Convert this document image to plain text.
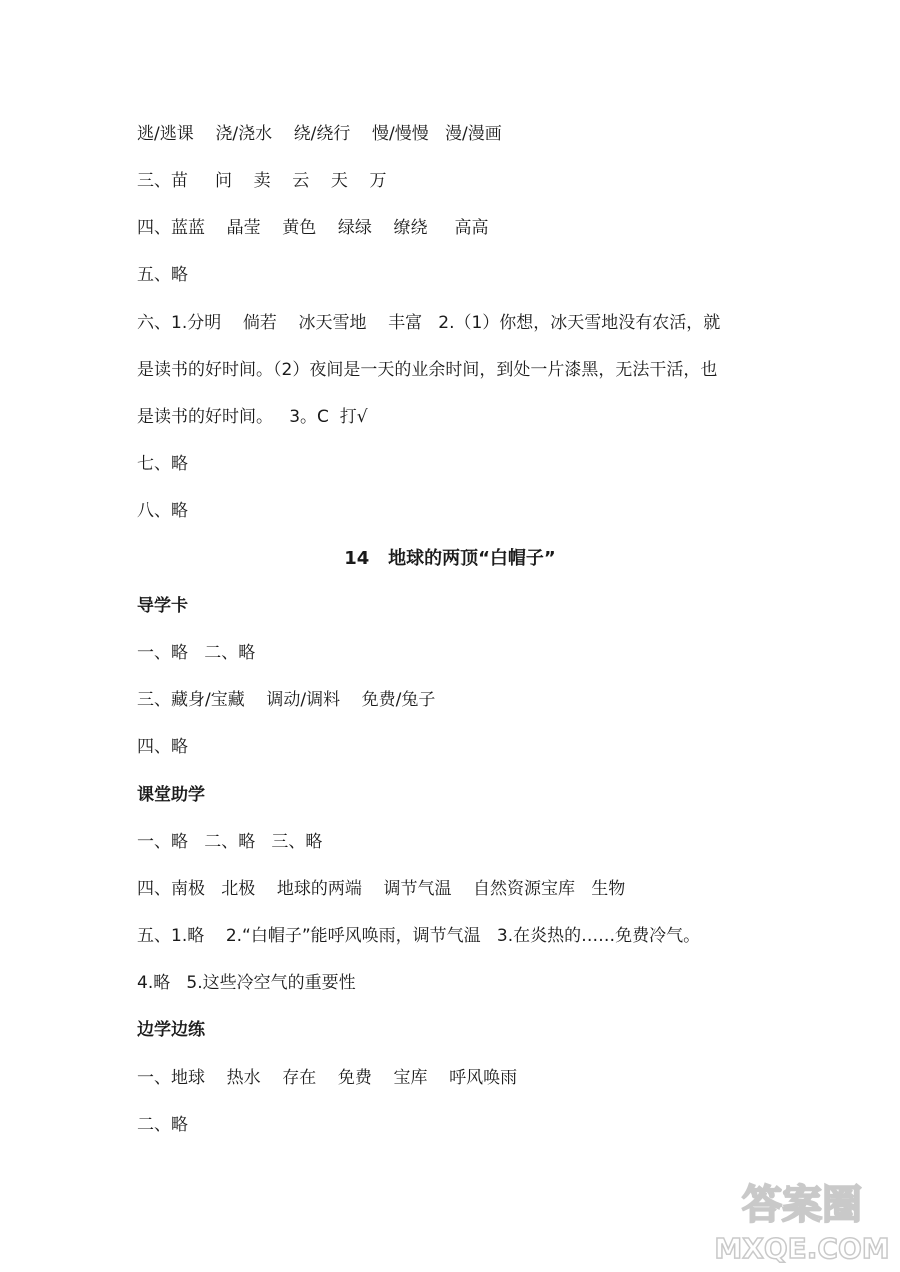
逃/逃课    浇/浇水    绕/绕行    慢/慢慢   漫/漫画
三、苗     问    卖    云    天    万
四、蓝蓝    晶莹    黄色    绿绿    缭绕     高高
五、略
六、1.分明    倘若    冰天雪地    丰富   2.（1）你想，冰天雪地没有农活，就
是读书的好时间。（2）夜间是一天的业余时间，到处一片漆黑，无法干活，也
是读书的好时间。   3。C  打√
七、略
八、略
14   地球的两顶“白帽子”
导学卡
一、略   二、略
三、藏身/宝藏    调动/调料    免费/兔子
四、略
课堂助学
一、略   二、略   三、略
四、南极   北极    地球的两端    调节气温    自然资源宝库   生物
五、1.略    2.“白帽子”能呼风唤雨，调节气温   3.在炎热的……免费冷气。
4.略   5.这些冷空气的重要性
边学边练
一、地球    热水    存在    免费    宝库    呼风唤雨
二、略
答案圈
MXQE.COM
